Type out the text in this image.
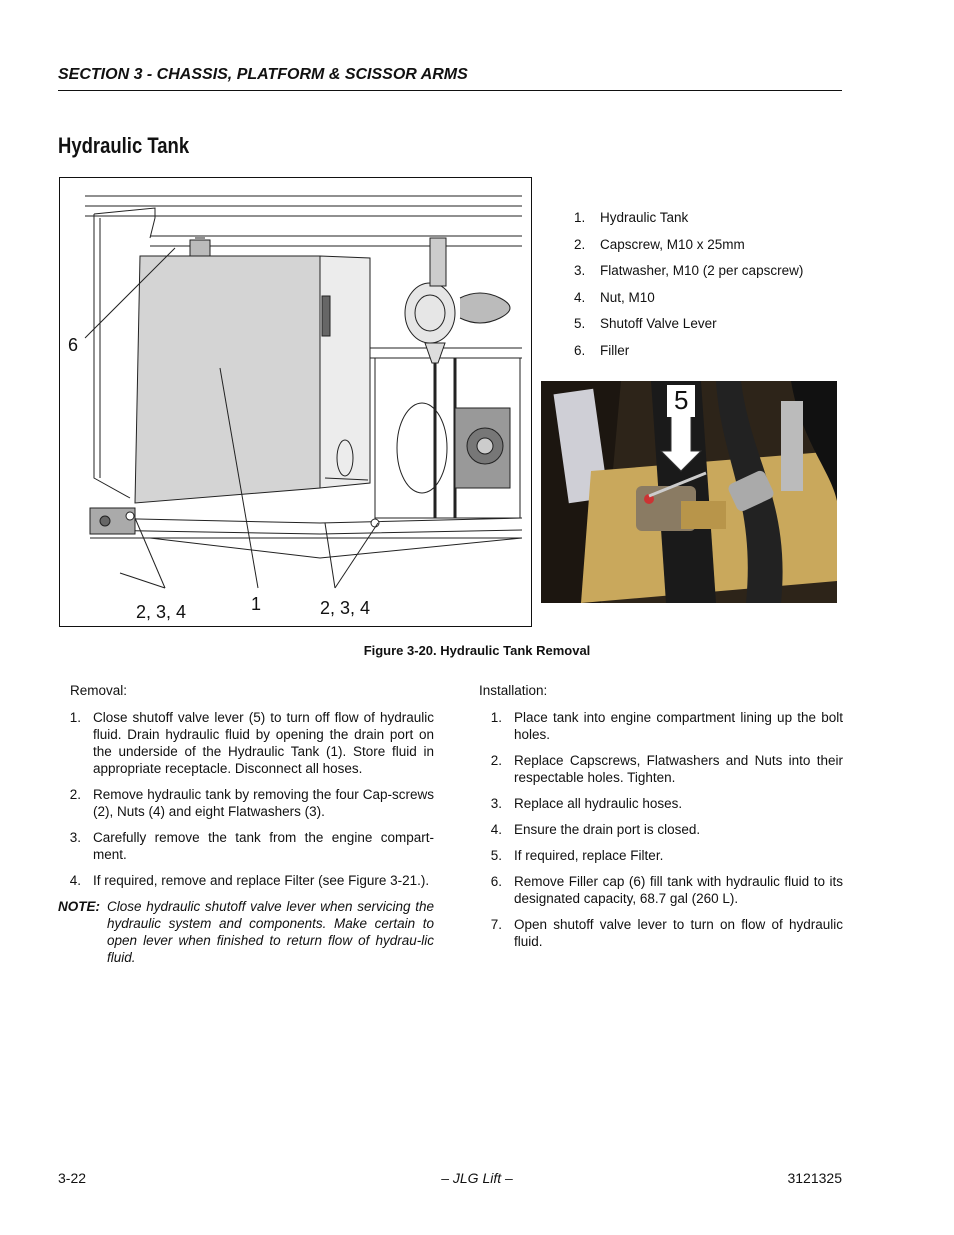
SECTION 3 - CHASSIS, PLATFORM & SCISSOR ARMS
Hydraulic Tank
6
1
2, 3, 4	2, 3, 4
1.	Hydraulic Tank
2.	Capscrew, M10 x 25mm
3.	Flatwasher, M10 (2 per capscrew)
4.	Nut, M10
5.	Shutoff Valve Lever
6.	Filler
5
Figure 3-20. Hydraulic Tank Removal

Removal:

1. Close shutoff valve lever (5) to turn off flow of hydraulic fluid. Drain hydraulic fluid by opening the drain port on the underside of the Hydraulic Tank (1). Store fluid in appropriate receptacle. Disconnect all hoses.
2. Remove hydraulic tank by removing the four Cap-screws (2), Nuts (4) and eight Flatwashers (3).
3. Carefully remove the tank from the engine compart-ment.
4. If required, remove and replace Filter (see Figure 3-21.).
NOTE: Close hydraulic shutoff valve lever when servicing the hydraulic system and components. Make certain to open lever when finished to return flow of hydrau-lic fluid.

Installation:

1. Place tank into engine compartment lining up the bolt holes.
2. Replace Capscrews, Flatwashers and Nuts into their respectable holes. Tighten.
3. Replace all hydraulic hoses.
4. Ensure the drain port is closed.
5. If required, replace Filter.
6. Remove Filler cap (6) fill tank with hydraulic fluid to its designated capacity, 68.7 gal (260 L).
7. Open shutoff valve lever to turn on flow of hydraulic fluid.
3-22	– JLG Lift –	3121325
